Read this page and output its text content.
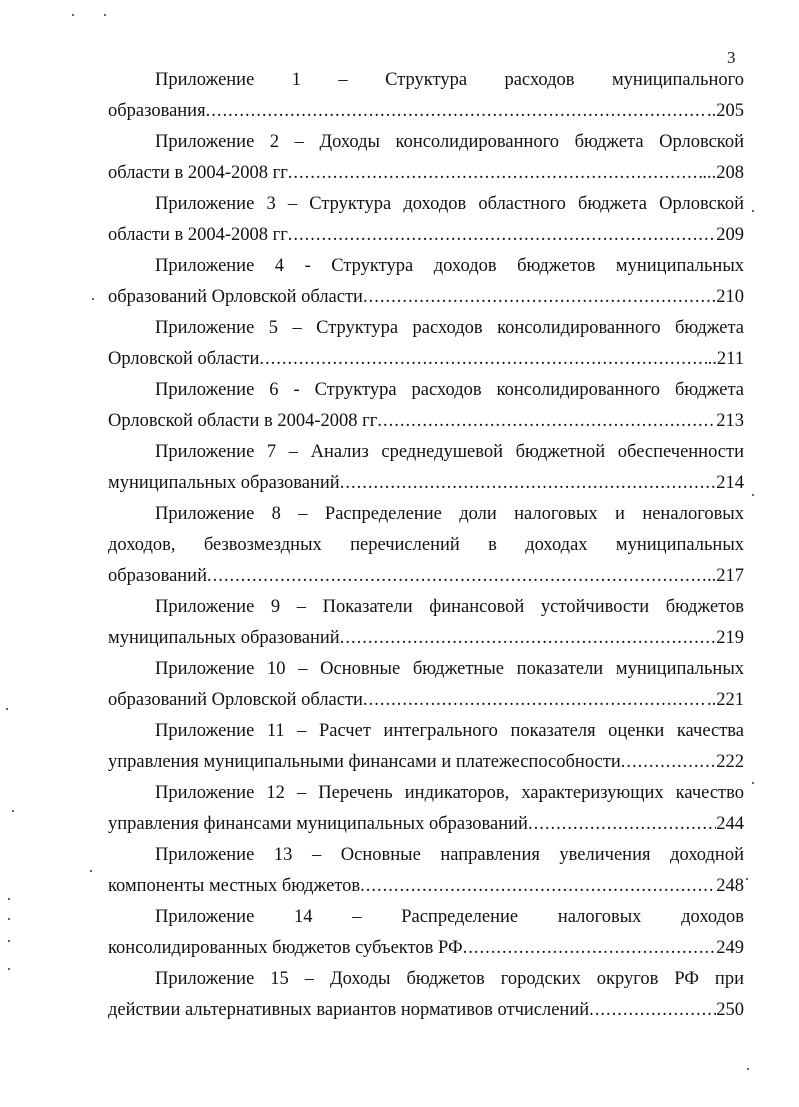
3

Приложение 1 – Структура расходов муниципального
образования .....	..205

Приложение 2 – Доходы консолидированного бюджета Орловской
области в 2004-2008 гг .....	...208

Приложение 3 – Структура доходов областного бюджета Орловской
области в 2004-2008 гг .....	209

Приложение 4 - Структура доходов бюджетов муниципальных
образований Орловской области .....	.210

Приложение 5 – Структура расходов консолидированного бюджета
Орловской области .....	..211

Приложение 6 - Структура расходов консолидированного бюджета
Орловской области в 2004-2008 гг .....	213

Приложение 7 – Анализ среднедушевой бюджетной обеспеченности
муниципальных образований .....	214

Приложение 8 – Распределение доли налоговых и неналоговых
доходов, безвозмездных перечислений в доходах муниципальных
образований .....	..217

Приложение 9 – Показатели финансовой устойчивости бюджетов
муниципальных образований .....	219

Приложение 10 – Основные бюджетные показатели муниципальных
образований Орловской области .....	..221

Приложение 11 – Расчет интегрального показателя оценки качества
управления муниципальными финансами и платежеспособности .....	222

Приложение 12 – Перечень индикаторов, характеризующих качество
управления финансами муниципальных образований .....	244

Приложение 13 – Основные направления увеличения доходной
компоненты местных бюджетов .....	248

Приложение 14 – Распределение налоговых доходов
консолидированных бюджетов субъектов РФ .....	249

Приложение 15 – Доходы бюджетов городских округов РФ при
действии альтернативных вариантов нормативов отчислений .....	250
